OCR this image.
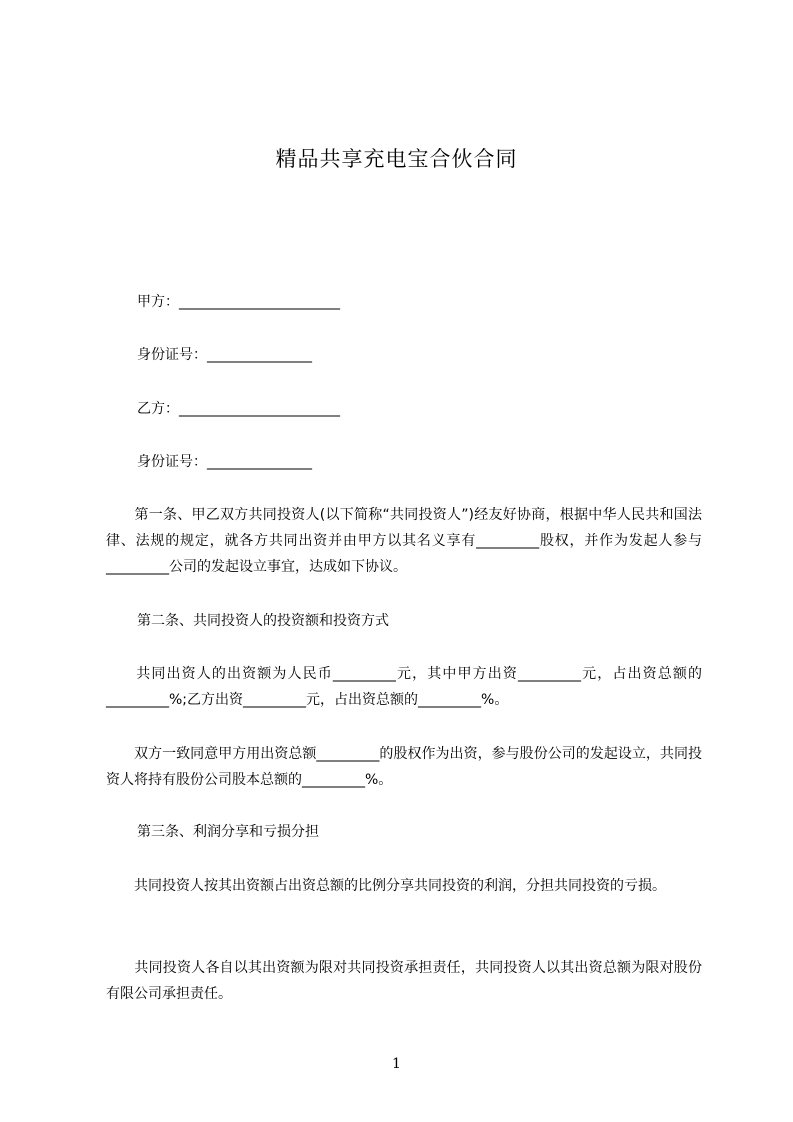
精品共享充电宝合伙合同
甲方：_______________________
身份证号：_______________
乙方：_______________________
身份证号：_______________
　　第一条、甲乙双方共同投资人(以下简称“共同投资人”)经友好协商，根据中华人民共和国法律、法规的规定，就各方共同出资并由甲方以其名义享有_________股权，并作为发起人参与_________公司的发起设立事宜，达成如下协议。
第二条、共同投资人的投资额和投资方式
　　共同出资人的出资额为人民币_________元，其中甲方出资_________元，占出资总额的_________%;乙方出资_________元，占出资总额的_________%。
　　双方一致同意甲方用出资总额_________的股权作为出资，参与股份公司的发起设立，共同投资人将持有股份公司股本总额的_________%。
第三条、利润分享和亏损分担
　　共同投资人按其出资额占出资总额的比例分享共同投资的利润，分担共同投资的亏损。
　　共同投资人各自以其出资额为限对共同投资承担责任，共同投资人以其出资总额为限对股份有限公司承担责任。
1
